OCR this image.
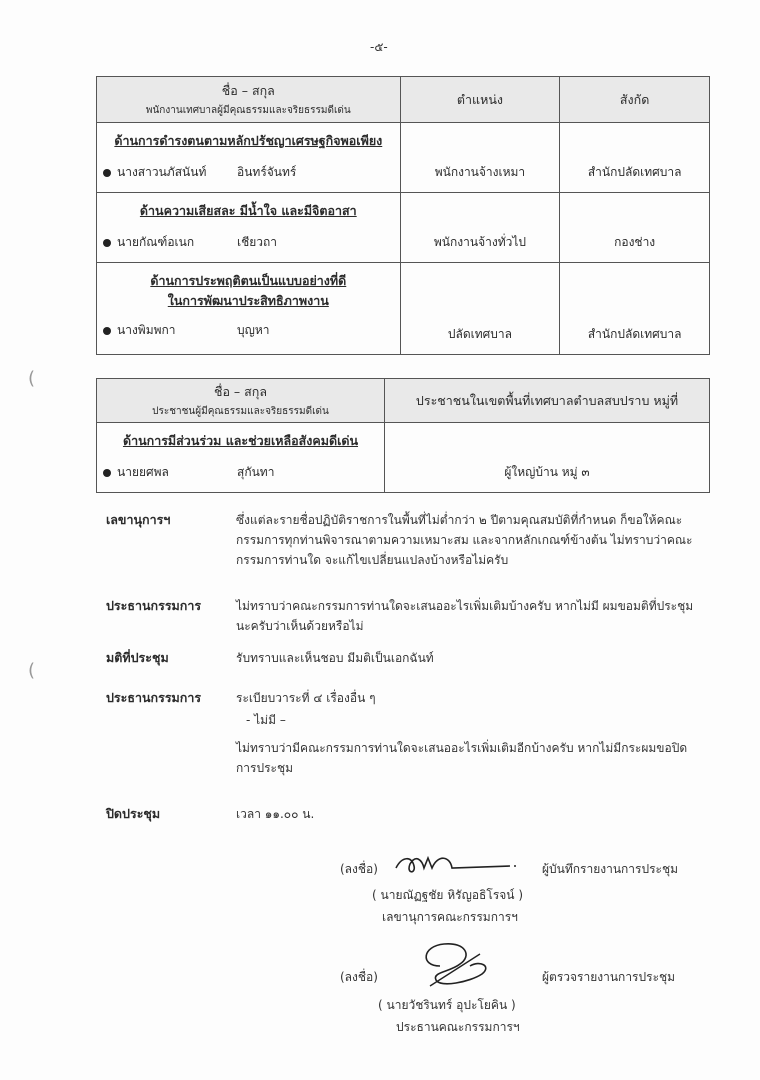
-๕-
ชื่อ – สกุล
พนักงานเทศบาลผู้มีคุณธรรมและจริยธรรมดีเด่น	ตำแหน่ง	สังกัด

ด้านการดำรงตนตามหลักปรัชญาเศรษฐกิจพอเพียง
นางสาวนภัสนันท์ อินทร์จันทร์	พนักงานจ้างเหมา	สำนักปลัดเทศบาล

ด้านความเสียสละ มีน้ำใจ และมีจิตอาสา
นายกัณฑ์อเนก เชียวถา	พนักงานจ้างทั่วไป	กองช่าง

ด้านการประพฤติตนเป็นแบบอย่างที่ดี
ในการพัฒนาประสิทธิภาพงาน
นางพิมพกา บุญหา	ปลัดเทศบาล	สำนักปลัดเทศบาล
ชื่อ – สกุล
ประชาชนผู้มีคุณธรรมและจริยธรรมดีเด่น	ประชาชนในเขตพื้นที่เทศบาลตำบลสบปราบ หมู่ที่

ด้านการมีส่วนร่วม และช่วยเหลือสังคมดีเด่น
นายยศพล สุกันทา	ผู้ใหญ่บ้าน หมู่ ๓
เลขานุการฯ	ซึ่งแต่ละรายชื่อปฏิบัติราชการในพื้นที่ไม่ต่ำกว่า ๒ ปีตามคุณสมบัติที่กำหนด ก็ขอให้คณะกรรมการทุกท่านพิจารณาตามความเหมาะสม และจากหลักเกณฑ์ข้างต้น ไม่ทราบว่าคณะกรรมการท่านใด จะแก้ไขเปลี่ยนแปลงบ้างหรือไม่ครับ
ประธานกรรมการ	ไม่ทราบว่าคณะกรรมการท่านใดจะเสนออะไรเพิ่มเติมบ้างครับ หากไม่มี ผมขอมติที่ประชุมนะครับว่าเห็นด้วยหรือไม่
มติที่ประชุม	รับทราบและเห็นชอบ มีมติเป็นเอกฉันท์
ประธานกรรมการ	ระเบียบวาระที่ ๔ เรื่องอื่น ๆ
- ไม่มี –
ไม่ทราบว่ามีคณะกรรมการท่านใดจะเสนออะไรเพิ่มเติมอีกบ้างครับ หากไม่มีกระผมขอปิดการประชุม
ปิดประชุม	เวลา ๑๑.๐๐ น.
(ลงชื่อ)	ผู้บันทึกรายงานการประชุม
( นายณัฏฐชัย หิรัญอธิโรจน์ )
เลขานุการคณะกรรมการฯ
(ลงชื่อ)	ผู้ตรวจรายงานการประชุม
( นายวัชรินทร์ อุปะโยคิน )
ประธานคณะกรรมการฯ
(
(
